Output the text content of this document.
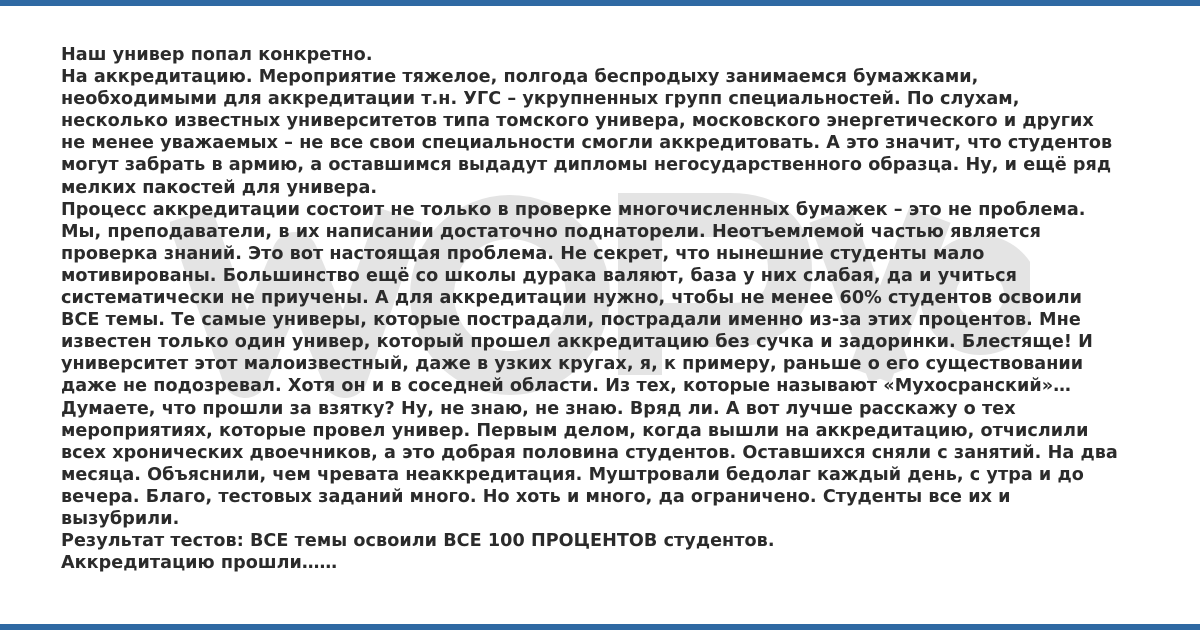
Наш универ попал конкретно.
На аккредитацию. Мероприятие тяжелое, полгода беспродыху занимаемся бумажками,
необходимыми для аккредитации т.н. УГС – укрупненных групп специальностей. По слухам,
несколько известных университетов типа томского универа, московского энергетического и других
не менее уважаемых – не все свои специальности смогли аккредитовать. А это значит, что студентов
могут забрать в армию, а оставшимся выдадут дипломы негосударственного образца. Ну, и ещё ряд
мелких пакостей для универа.
Процесс аккредитации состоит не только в проверке многочисленных бумажек – это не проблема.
Мы, преподаватели, в их написании достаточно поднаторели. Неотъемлемой частью является
проверка знаний. Это вот настоящая проблема. Не секрет, что нынешние студенты мало
мотивированы. Большинство ещё со школы дурака валяют, база у них слабая, да и учиться
систематически не приучены. А для аккредитации нужно, чтобы не менее 60% студентов освоили
ВСЕ темы. Те самые универы, которые пострадали, пострадали именно из-за этих процентов. Мне
известен только один универ, который прошел аккредитацию без сучка и задоринки. Блестяще! И
университет этот малоизвестный, даже в узких кругах, я, к примеру, раньше о его существовании
даже не подозревал. Хотя он и в соседней области. Из тех, которые называют «Мухосранский»…
Думаете, что прошли за взятку? Ну, не знаю, не знаю. Вряд ли. А вот лучше расскажу о тех
мероприятиях, которые провел универ. Первым делом, когда вышли на аккредитацию, отчислили
всех хронических двоечников, а это добрая половина студентов. Оставшихся сняли с занятий. На два
месяца. Объяснили, чем чревата неаккредитация. Муштровали бедолаг каждый день, с утра и до
вечера. Благо, тестовых заданий много. Но хоть и много, да ограничено. Студенты все их и
вызубрили.
Результат тестов: ВСЕ темы освоили ВСЕ 100 ПРОЦЕНТОВ студентов.
Аккредитацию прошли……
